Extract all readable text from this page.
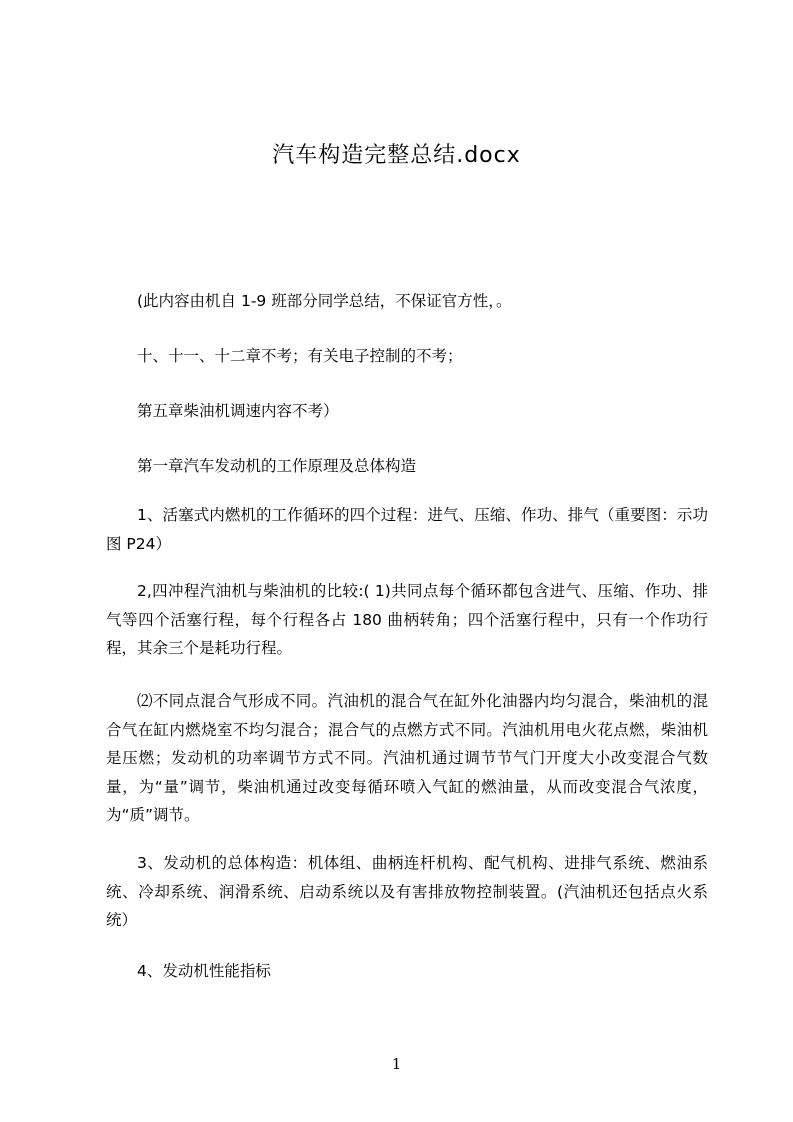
汽车构造完整总结.docx

(此内容由机自 1-9 班部分同学总结，不保证官方性，。

十、十一、十二章不考；有关电子控制的不考；

第五章柴油机调速内容不考）

第一章汽车发动机的工作原理及总体构造

1、活塞式内燃机的工作循环的四个过程：进气、压缩、作功、排气（重要图：示功图 P24）

2,四冲程汽油机与柴油机的比较:( 1)共同点每个循环都包含进气、压缩、作功、排气等四个活塞行程，每个行程各占 180 曲柄转角；四个活塞行程中，只有一个作功行程，其余三个是耗功行程。

⑵不同点混合气形成不同。汽油机的混合气在缸外化油器内均匀混合，柴油机的混合气在缸内燃烧室不均匀混合；混合气的点燃方式不同。汽油机用电火花点燃，柴油机是压燃；发动机的功率调节方式不同。汽油机通过调节节气门开度大小改变混合气数量，为“量”调节，柴油机通过改变每循环喷入气缸的燃油量，从而改变混合气浓度，为“质”调节。

3、发动机的总体构造：机体组、曲柄连杆机构、配气机构、进排气系统、燃油系统、冷却系统、润滑系统、启动系统以及有害排放物控制装置。(汽油机还包括点火系统）

4、发动机性能指标

1
